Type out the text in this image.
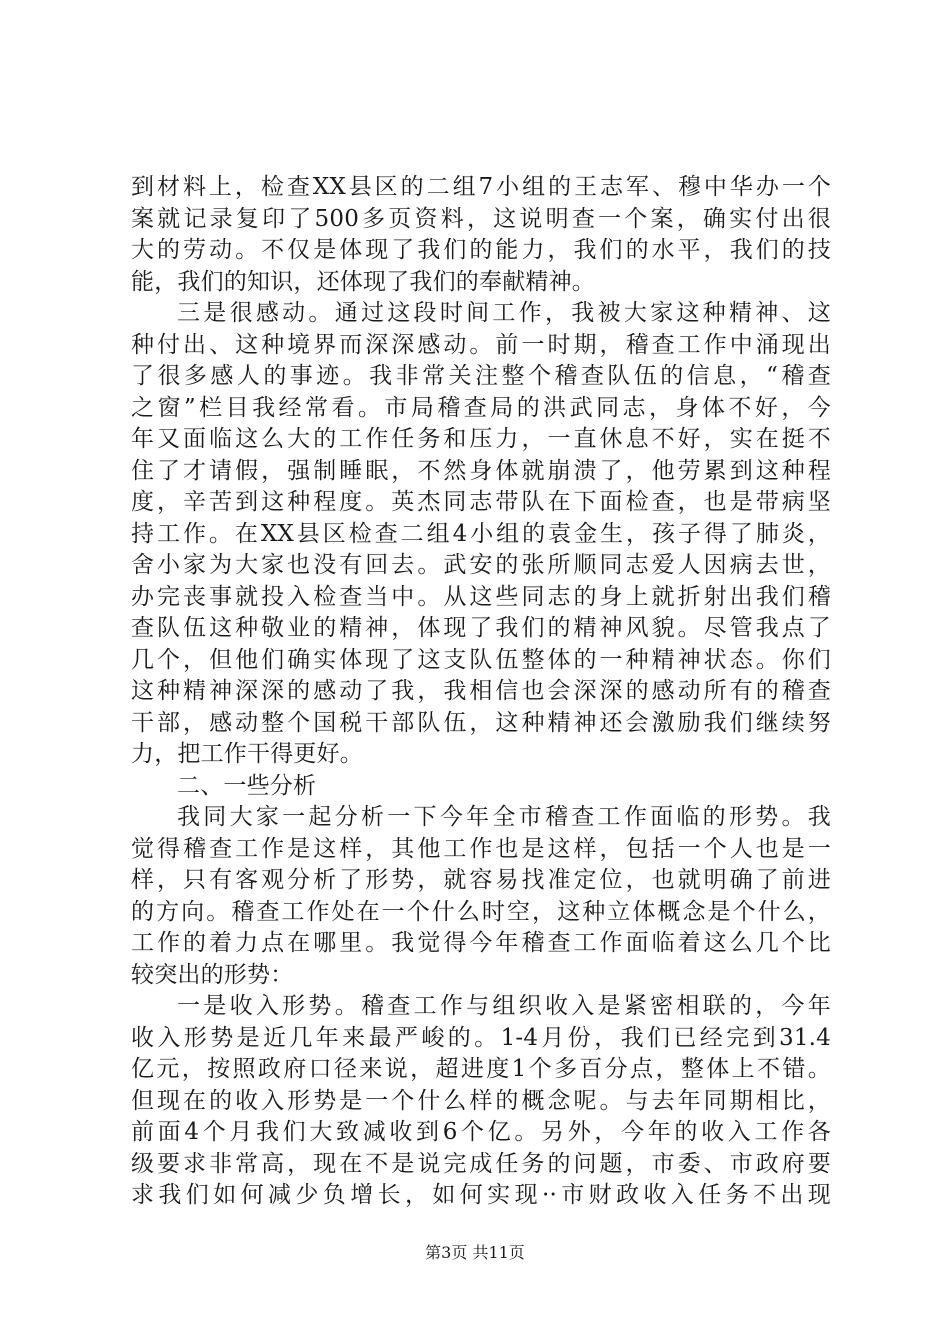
到材料上，检查XX县区的二组7小组的王志军、穆中华办一个
案就记录复印了500多页资料，这说明查一个案，确实付出很
大的劳动。不仅是体现了我们的能力，我们的水平，我们的技
能，我们的知识，还体现了我们的奉献精神。
三是很感动。通过这段时间工作，我被大家这种精神、这
种付出、这种境界而深深感动。前一时期，稽查工作中涌现出
了很多感人的事迹。我非常关注整个稽查队伍的信息，“稽查
之窗”栏目我经常看。市局稽查局的洪武同志，身体不好，今
年又面临这么大的工作任务和压力，一直休息不好，实在挺不
住了才请假，强制睡眠，不然身体就崩溃了，他劳累到这种程
度，辛苦到这种程度。英杰同志带队在下面检查，也是带病坚
持工作。在XX县区检查二组4小组的袁金生，孩子得了肺炎，
舍小家为大家也没有回去。武安的张所顺同志爱人因病去世，
办完丧事就投入检查当中。从这些同志的身上就折射出我们稽
查队伍这种敬业的精神，体现了我们的精神风貌。尽管我点了
几个，但他们确实体现了这支队伍整体的一种精神状态。你们
这种精神深深的感动了我，我相信也会深深的感动所有的稽查
干部，感动整个国税干部队伍，这种精神还会激励我们继续努
力，把工作干得更好。
二、一些分析
我同大家一起分析一下今年全市稽查工作面临的形势。我
觉得稽查工作是这样，其他工作也是这样，包括一个人也是一
样，只有客观分析了形势，就容易找准定位，也就明确了前进
的方向。稽查工作处在一个什么时空，这种立体概念是个什么，
工作的着力点在哪里。我觉得今年稽查工作面临着这么几个比
较突出的形势：
一是收入形势。稽查工作与组织收入是紧密相联的，今年
收入形势是近几年来最严峻的。1-4月份，我们已经完到31.4
亿元，按照政府口径来说，超进度1个多百分点，整体上不错。
但现在的收入形势是一个什么样的概念呢。与去年同期相比，
前面4个月我们大致减收到6个亿。另外，今年的收入工作各
级要求非常高，现在不是说完成任务的问题，市委、市政府要
求我们如何减少负增长，如何实现··市财政收入任务不出现
第3页 共11页
